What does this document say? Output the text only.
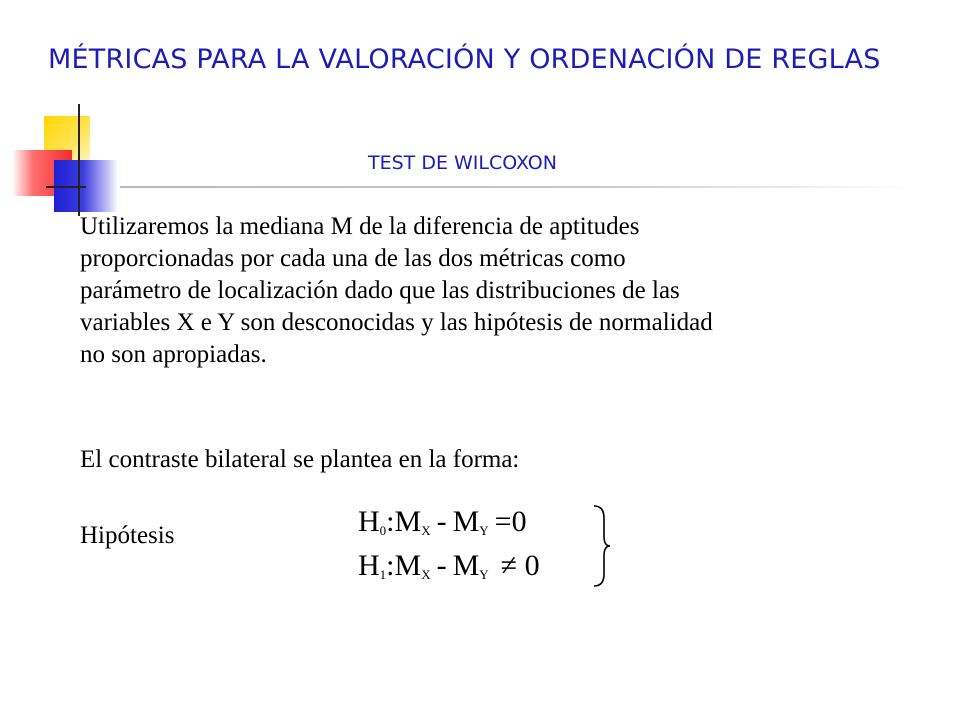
MÉTRICAS PARA LA VALORACIÓN Y ORDENACIÓN DE REGLAS
TEST DE WILCOXON

Utilizaremos la mediana M de la diferencia de aptitudes

proporcionadas por cada una de las dos métricas como

parámetro de localización dado que las distribuciones de las

variables X e Y son desconocidas y las hipótesis de normalidad

no son apropiadas.

El contraste bilateral se plantea en la forma:
Hipótesis	$H_0:M_X - M_Y =0$
$H_1:M_X - M_Y \ne 0$
